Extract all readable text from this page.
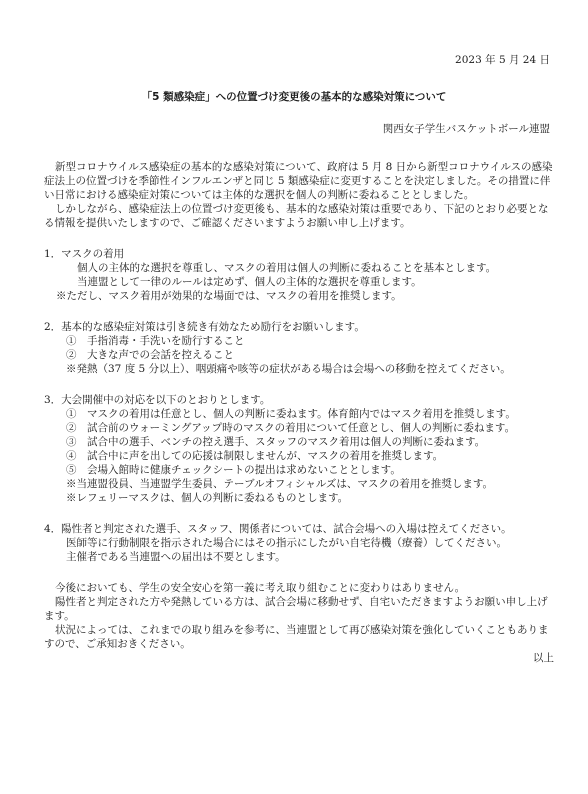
2023 年 5 月 24 日
「5 類感染症」への位置づけ変更後の基本的な感染対策について
関西女子学生バスケットボール連盟

新型コロナウイルス感染症の基本的な感染対策について、政府は 5 月 8 日から新型コロナウイルスの感染症法上の位置づけを季節性インフルエンザと同じ 5 類感染症に変更することを決定しました。その措置に伴い日常における感染症対策については主体的な選択を個人の判断に委ねることとしました。

しかしながら、感染症法上の位置づけ変更後も、基本的な感染対策は重要であり、下記のとおり必要となる情報を提供いたしますので、ご確認くださいますようお願い申し上げます。

1．マスクの着用

個人の主体的な選択を尊重し、マスクの着用は個人の判断に委ねることを基本とします。

当連盟として一律のルールは定めず、個人の主体的な選択を尊重します。

※ただし、マスク着用が効果的な場面では、マスクの着用を推奨します。

2．基本的な感染症対策は引き続き有効なため励行をお願いします。

①　手指消毒・手洗いを励行すること

②　大きな声での会話を控えること

※発熱（37 度 5 分以上）、咽頭痛や咳等の症状がある場合は会場への移動を控えてください。

3．大会開催中の対応を以下のとおりとします。

①　マスクの着用は任意とし、個人の判断に委ねます。体育館内ではマスク着用を推奨します。

②　試合前のウォーミングアップ時のマスクの着用について任意とし、個人の判断に委ねます。

③　試合中の選手、ベンチの控え選手、スタッフのマスク着用は個人の判断に委ねます。

④　試合中に声を出しての応援は制限しませんが、マスクの着用を推奨します。

⑤　会場入館時に健康チェックシートの提出は求めないこととします。

※当連盟役員、当連盟学生委員、テーブルオフィシャルズは、マスクの着用を推奨します。

※レフェリーマスクは、個人の判断に委ねるものとします。

4．陽性者と判定された選手、スタッフ、関係者については、試合会場への入場は控えてください。

医師等に行動制限を指示された場合にはその指示にしたがい自宅待機（療養）してください。

主催者である当連盟への届出は不要とします。

今後においても、学生の安全安心を第一義に考え取り組むことに変わりはありません。

陽性者と判定された方や発熱している方は、試合会場に移動せず、自宅いただきますようお願い申し上げます。

状況によっては、これまでの取り組みを参考に、当連盟として再び感染対策を強化していくこともありますので、ご承知おきください。

以上
